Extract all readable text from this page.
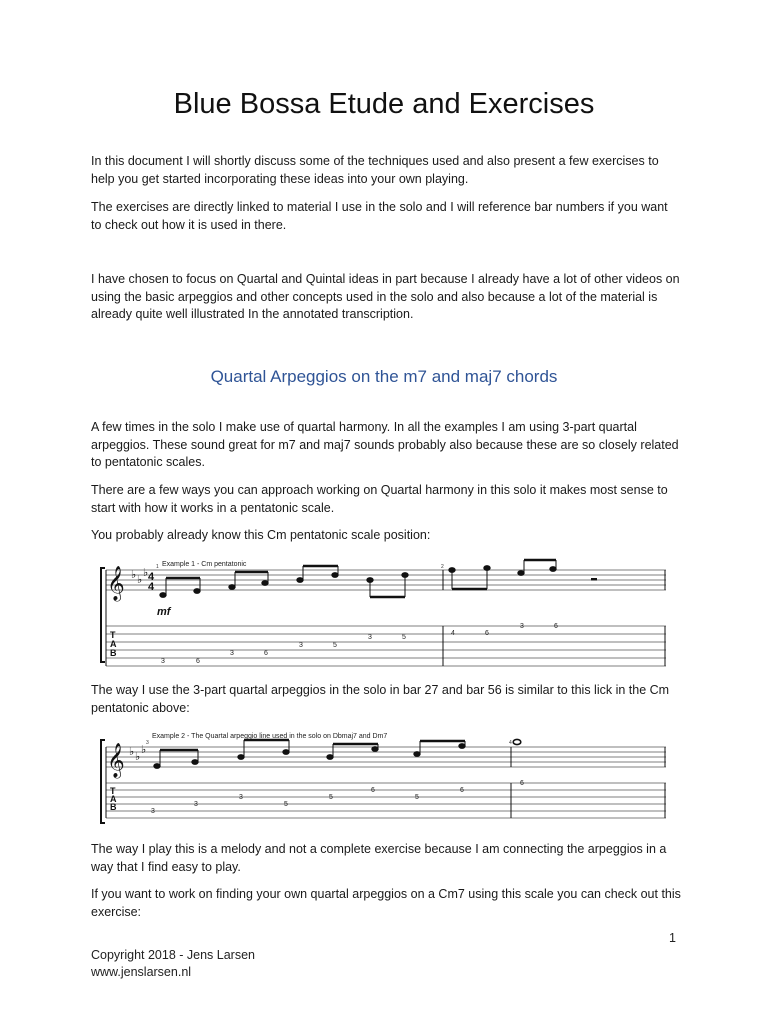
Blue Bossa Etude and Exercises

In this document I will shortly discuss some of the techniques used and also present a few exercises to help you get started incorporating these ideas into your own playing.

The exercises are directly linked to material I use in the solo and I will reference bar numbers if you want to check out how it is used in there.

I have chosen to focus on Quartal and Quintal ideas in part because I already have a lot of other videos on using the basic arpeggios and other concepts used in the solo and also because a lot of the material is already quite well illustrated In the annotated transcription.

Quartal Arpeggios on the m7 and maj7 chords

A few times in the solo I make use of quartal harmony. In all the examples I am using 3-part quartal arpeggios. These sound great for m7 and maj7 sounds probably also because these are so closely related to pentatonic scales.

There are a few ways you can approach working on Quartal harmony in this solo it makes most sense to start with how it works in a pentatonic scale.

You probably already know this Cm pentatonic scale position:

𝄞 ♭ ♭
♭ 4
4
Example 1 - Cm pentatonic
1	2
mf
T
A
B
3	6
3	6
3	5
3	5
4	6
3	6

The way I use the 3-part quartal arpeggios in the solo in bar 27 and bar 56 is similar to this lick in the Cm pentatonic above:

𝄞 ♭ ♭
♭
Example 2 - The Quartal arpeggio line used in the solo on Dbmaj7 and Dm7
3	4
T
A
B	3
3
3
5
5
6
5
6
6

The way I play this is a melody and not a complete exercise because I am connecting the arpeggios in a way that I find easy to play.

If you want to work on finding your own quartal arpeggios on a Cm7 using this scale you can check out this exercise:

1
Copyright 2018 - Jens Larsen
www.jenslarsen.nl
